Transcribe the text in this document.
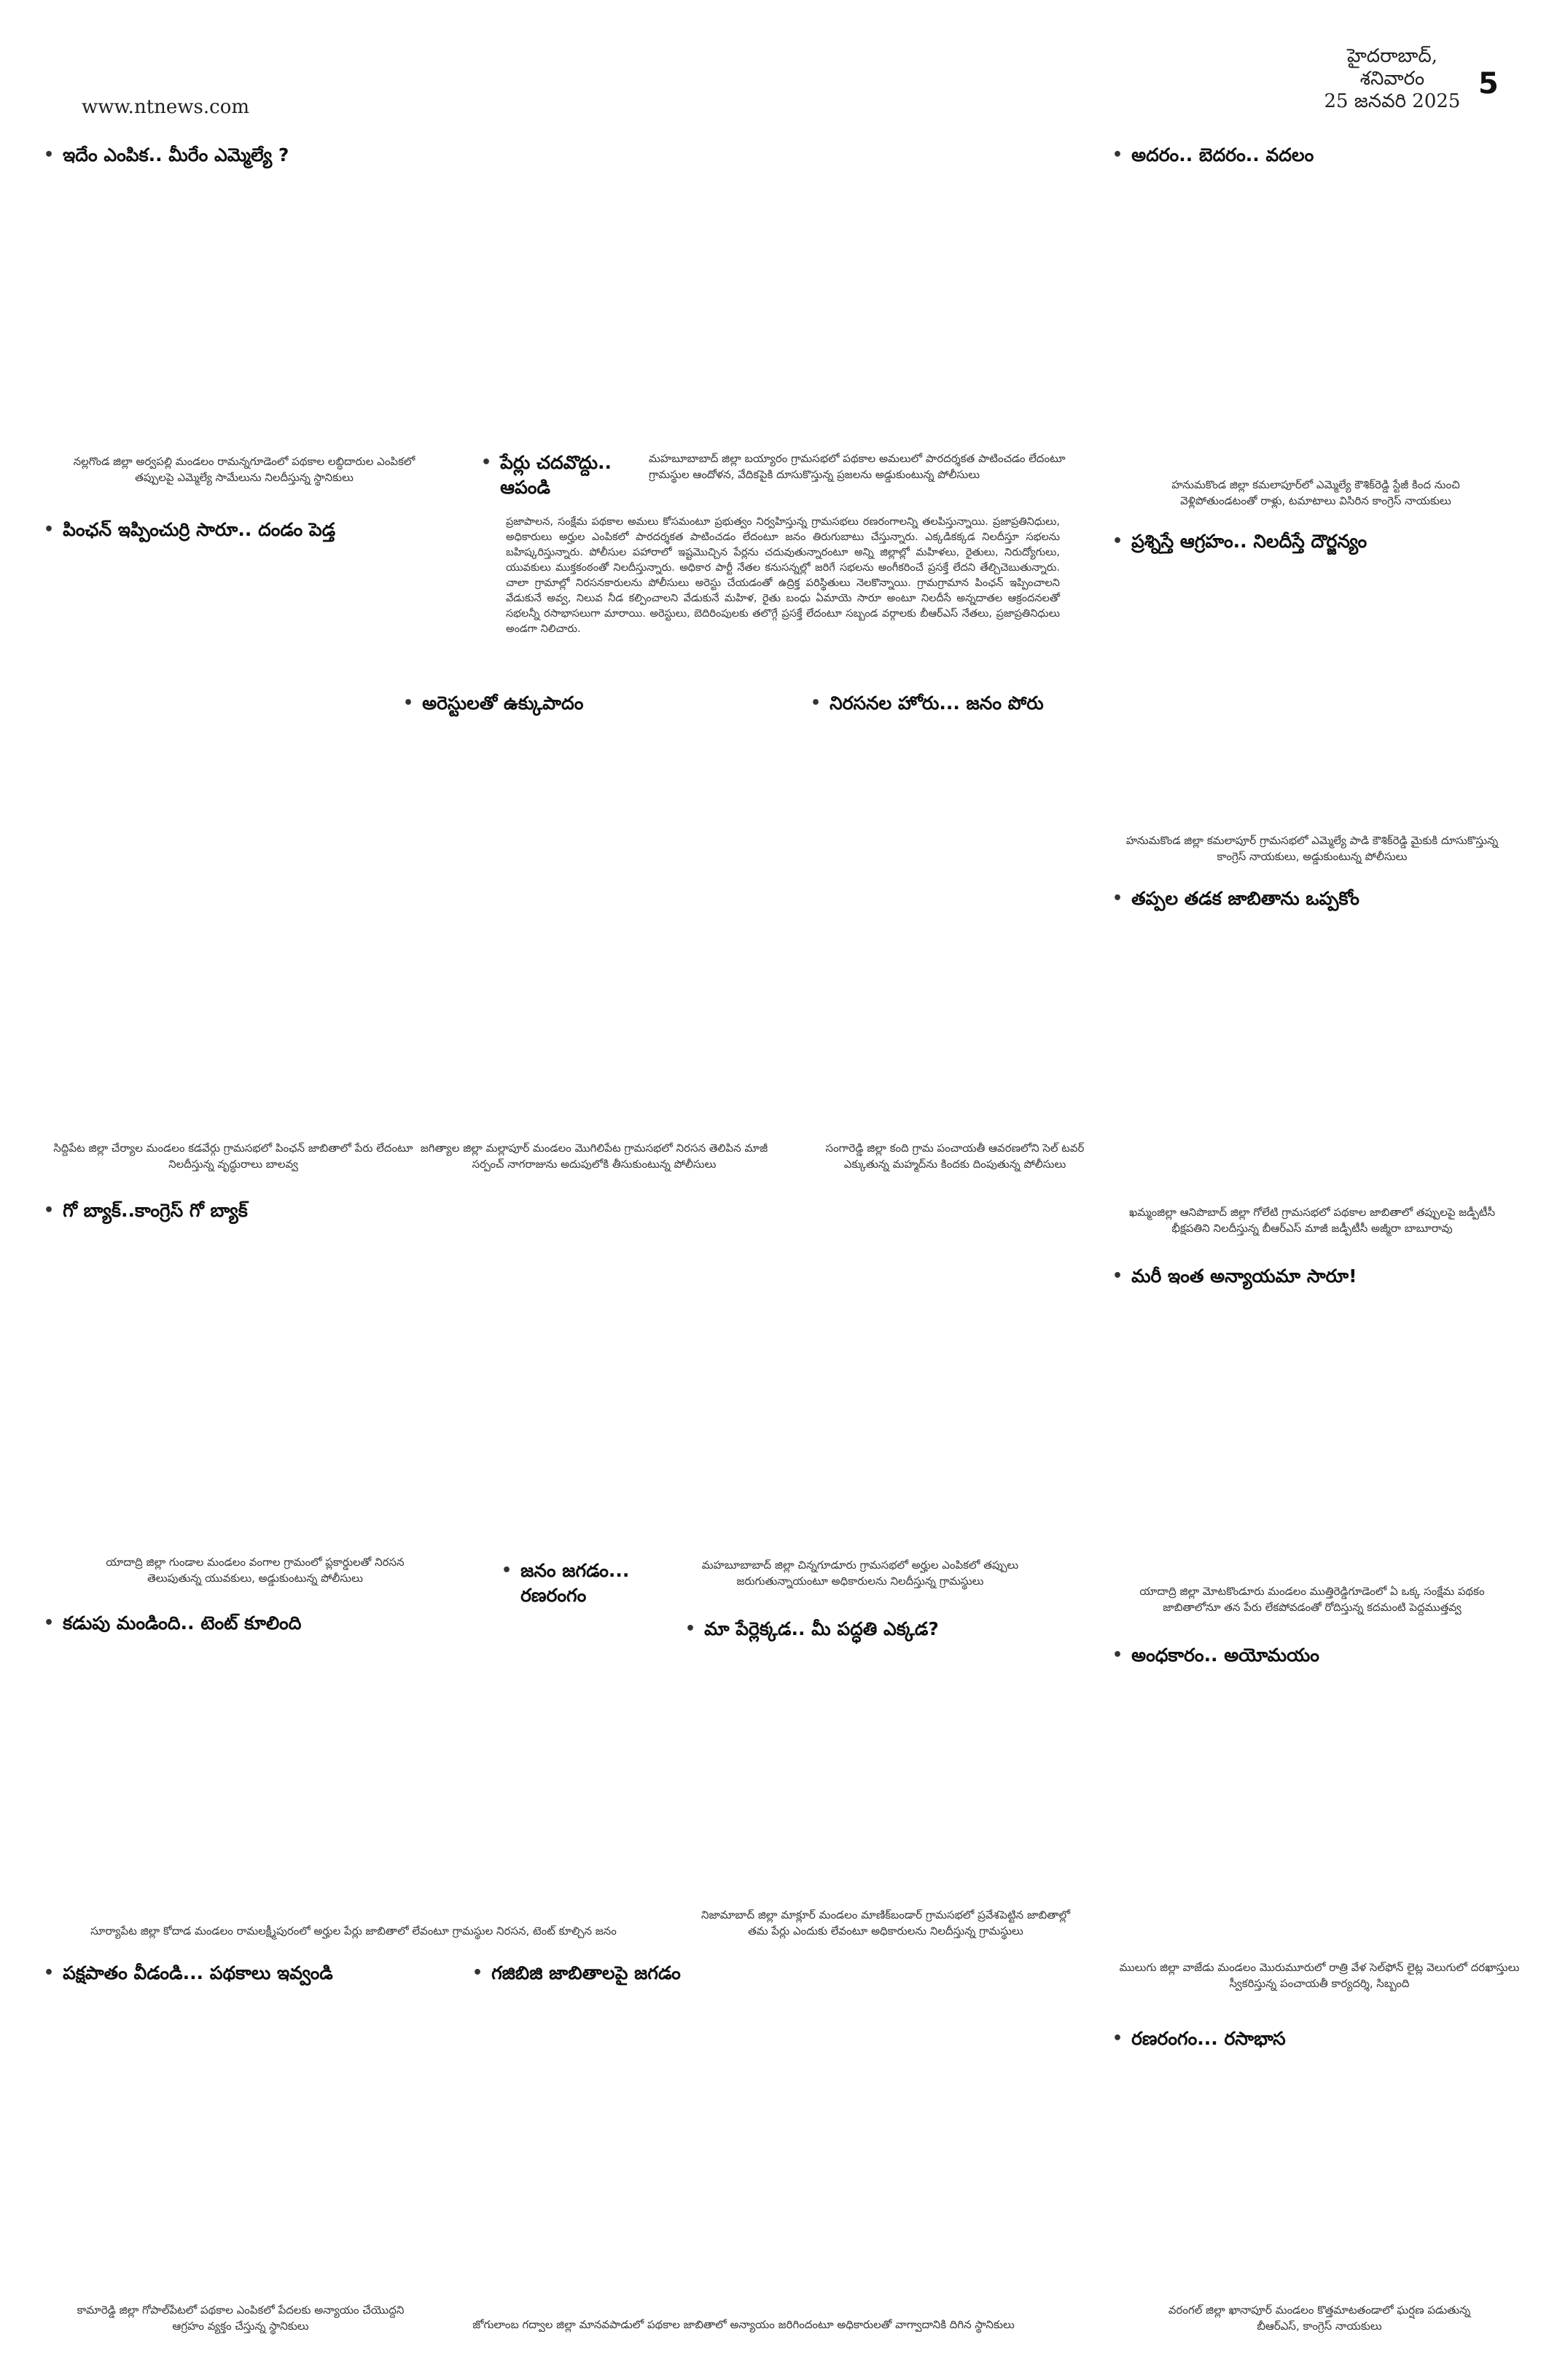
www.ntnews.com
హైదరాబాద్,
శనివారం
25 జనవరి 2025
5
• ఇదేం ఎంపిక.. మీరేం ఎమ్మెల్యే ?
నల్లగొండ జిల్లా అర్వపల్లి మండలం రామన్నగూడెంలో పథకాల లబ్ధిదారుల ఎంపికలో తప్పులపై ఎమ్మెల్యే సామేలును నిలదీస్తున్న స్థానికులు
• అదరం.. బెదరం.. వదలం
హనుమకొండ జిల్లా కమలాపూర్‌లో ఎమ్మెల్యే కౌశిక్‌రెడ్డి స్టేజీ కింద నుంచి వెళ్లిపోతుండటంతో రాళ్లు, టమాటాలు విసిరిన కాంగ్రెస్ నాయకులు
• పేర్లు చదవొద్దు.. ఆపండి
మహబూబాబాద్ జిల్లా బయ్యారం గ్రామసభలో పథకాల అమలులో పారదర్శకత పాటించడం లేదంటూ గ్రామస్థుల ఆందోళన, వేదికపైకి దూసుకొస్తున్న ప్రజలను అడ్డుకుంటున్న పోలీసులు
ప్రజాపాలన, సంక్షేమ పథకాల అమలు కోసమంటూ ప్రభుత్వం నిర్వహిస్తున్న గ్రామసభలు రణరంగాలన్ని తలపిస్తున్నాయి. ప్రజాప్రతినిధులు, అధికారులు అర్హుల ఎంపికలో పారదర్శకత పాటించడం లేదంటూ జనం తిరుగుబాటు చేస్తున్నారు. ఎక్కడికక్కడ నిలదీస్తూ సభలను బహిష్కరిస్తున్నారు. పోలీసుల పహారాలో ఇష్టమొచ్చిన పేర్లను చదువుతున్నారంటూ అన్ని జిల్లాల్లో మహిళలు, రైతులు, నిరుద్యోగులు, యువకులు ముక్తకంఠంతో నిలదీస్తున్నారు. అధికార పార్టీ నేతల కనుసన్నల్లో జరిగే సభలను అంగీకరించే ప్రసక్తే లేదని తేల్చిచెబుతున్నారు. చాలా గ్రామాల్లో నిరసనకారులను పోలీసులు అరెస్టు చేయడంతో ఉద్రిక్త పరిస్థితులు నెలకొన్నాయి. గ్రామగ్రామాన పింఛన్ ఇప్పించాలని వేడుకునే అవ్వ, నిలువ నీడ కల్పించాలని వేడుకునే మహిళ, రైతు బంధు ఏమాయె సారూ అంటూ నిలదీసే అన్నదాతల ఆక్రందనలతో సభలన్నీ రసాభాసలుగా మారాయి. అరెస్టులు, బెదిరింపులకు తలొగ్గే ప్రసక్తే లేదంటూ సబ్బండ వర్గాలకు బీఆర్‌ఎస్ నేతలు, ప్రజాప్రతినిధులు అండగా నిలిచారు.
• పింఛన్ ఇప్పించుర్రి సారూ.. దండం పెడ్త
సిద్దిపేట జిల్లా చేర్యాల మండలం కడవేర్గు గ్రామసభలో పింఛన్ జాబితాలో పేరు లేదంటూ నిలదీస్తున్న వృద్ధురాలు బాలవ్వ
• ప్రశ్నిస్తే ఆగ్రహం.. నిలదీస్తే దౌర్జన్యం
హనుమకొండ జిల్లా కమలాపూర్ గ్రామసభలో ఎమ్మెల్యే పాడి కౌశిక్‌రెడ్డి మైకుకి దూసుకొస్తున్న కాంగ్రెస్ నాయకులు, అడ్డుకుంటున్న పోలీసులు
• అరెస్టులతో ఉక్కుపాదం
జగిత్యాల జిల్లా మల్లాపూర్ మండలం మొగిలిపేట గ్రామసభలో నిరసన తెలిపిన మాజీ సర్పంచ్ నాగరాజును అదుపులోకి తీసుకుంటున్న పోలీసులు
• నిరసనల హోరు... జనం పోరు
సంగారెడ్డి జిల్లా కంది గ్రామ పంచాయతీ ఆవరణలోని సెల్ టవర్ ఎక్కుతున్న మహ్మద్‌ను కిందకు దింపుతున్న పోలీసులు
• తప్పల తడక జాబితాను ఒప్పకోం
ఖమ్మంజిల్లా ఆనిపొబాద్ జిల్లా గోలేటి గ్రామసభలో పథకాల జాబితాలో తప్పులపై జడ్పీటీసీ భీక్షపతిని నిలదీస్తున్న బీఆర్‌ఎస్ మాజీ జడ్పీటీసీ అజ్మీరా బాబూరావు
• గో బ్యాక్..కాంగ్రెస్ గో బ్యాక్
యాదాద్రి జిల్లా గుండాల మండలం వంగాల గ్రామంలో ప్లకార్డులతో నిరసన తెలుపుతున్న యువకులు, అడ్డుకుంటున్న పోలీసులు
• మరీ ఇంత అన్యాయమా సారూ!
యాదాద్రి జిల్లా మోటకొండూరు మండలం ముత్తిరెడ్డిగూడెంలో ఏ ఒక్క సంక్షేమ పథకం జాబితాలోనూ తన పేరు లేకపోవడంతో రోదిస్తున్న కదమంటి పెద్దముత్తవ్వ
• జనం జగడం... రణరంగం
మహబూబాబాద్ జిల్లా చిన్నగూడూరు గ్రామసభలో అర్హుల ఎంపికలో తప్పులు జరుగుతున్నాయంటూ అధికారులను నిలదీస్తున్న గ్రామస్థులు
• కడుపు మండింది.. టెంట్ కూలింది
సూర్యాపేట జిల్లా కోదాడ మండలం రామలక్ష్మీపురంలో అర్హుల పేర్లు జాబితాలో లేవంటూ గ్రామస్థుల నిరసన, టెంట్ కూల్చిన జనం
• మా పేర్లెక్కడ.. మీ పద్ధతి ఎక్కడ?
నిజామాబాద్ జిల్లా మాక్లూర్ మండలం మాణిక్‌బండార్ గ్రామసభలో ప్రవేశపెట్టిన జాబితాల్లో తమ పేర్లు ఎందుకు లేవంటూ అధికారులను నిలదీస్తున్న గ్రామస్థులు
• అంధకారం.. అయోమయం
ములుగు జిల్లా వాజేడు మండలం మొరుమూరులో రాత్రి వేళ సెల్‌ఫోన్ లైట్ల వెలుగులో దరఖాస్తులు స్వీకరిస్తున్న పంచాయతీ కార్యదర్శి, సిబ్బంది
• పక్షపాతం వీడండి... పథకాలు ఇవ్వండి
కామారెడ్డి జిల్లా గోపాల్‌పేటలో పథకాల ఎంపికలో పేదలకు అన్యాయం చేయొద్దని ఆగ్రహం వ్యక్తం చేస్తున్న స్థానికులు
• గజిబిజి జాబితాలపై జగడం
జోగులాంబ గద్వాల జిల్లా మానవపాడులో పథకాల జాబితాలో అన్యాయం జరిగిందంటూ అధికారులతో వాగ్వాదానికి దిగిన స్థానికులు
• రణరంగం... రసాభాస
వరంగల్ జిల్లా ఖానాపూర్ మండలం కొత్తమాటతండాలో ఘర్షణ పడుతున్న బీఆర్‌ఎస్, కాంగ్రెస్ నాయకులు
